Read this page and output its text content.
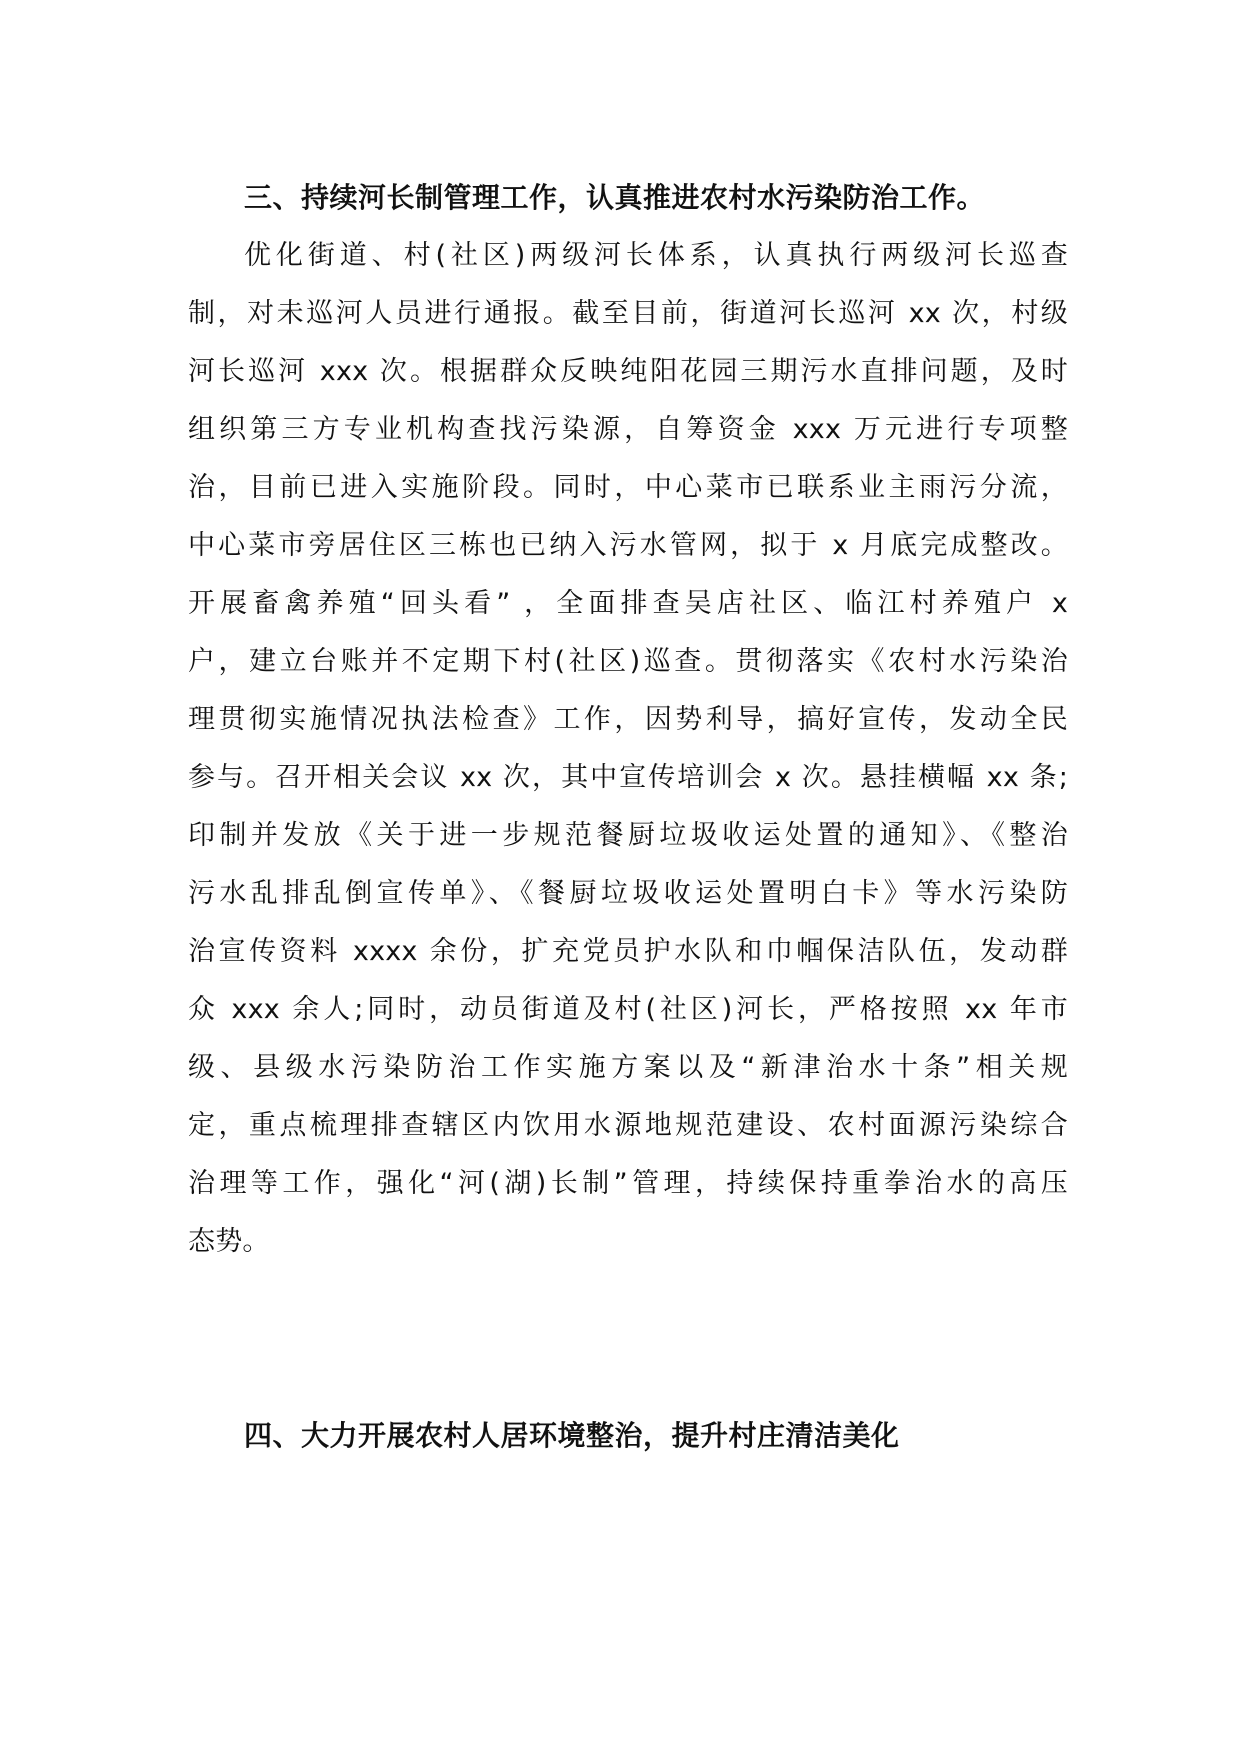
三、持续河长制管理工作，认真推进农村水污染防治工作。
优化街道、村(社区)两级河长体系，认真执行两级河长巡查
制，对未巡河人员进行通报。截至目前，街道河长巡河 xx 次，村级
河长巡河 xxx 次。根据群众反映纯阳花园三期污水直排问题，及时
组织第三方专业机构查找污染源，自筹资金 xxx 万元进行专项整
治，目前已进入实施阶段。同时，中心菜市已联系业主雨污分流，
中心菜市旁居住区三栋也已纳入污水管网，拟于 x 月底完成整改。
开展畜禽养殖“回头看” ，全面排查吴店社区、临江村养殖户 x
户，建立台账并不定期下村(社区)巡查。贯彻落实《农村水污染治
理贯彻实施情况执法检查》工作，因势利导，搞好宣传，发动全民
参与。召开相关会议 xx 次，其中宣传培训会 x 次。悬挂横幅 xx 条;
印制并发放《关于进一步规范餐厨垃圾收运处置的通知》、《整治
污水乱排乱倒宣传单》、《餐厨垃圾收运处置明白卡》等水污染防
治宣传资料 xxxx 余份，扩充党员护水队和巾帼保洁队伍，发动群
众 xxx 余人;同时，动员街道及村(社区)河长，严格按照 xx 年市
级、县级水污染防治工作实施方案以及“新津治水十条”相关规
定，重点梳理排查辖区内饮用水源地规范建设、农村面源污染综合
治理等工作，强化“河(湖)长制”管理，持续保持重拳治水的高压
态势。
四、大力开展农村人居环境整治，提升村庄清洁美化
